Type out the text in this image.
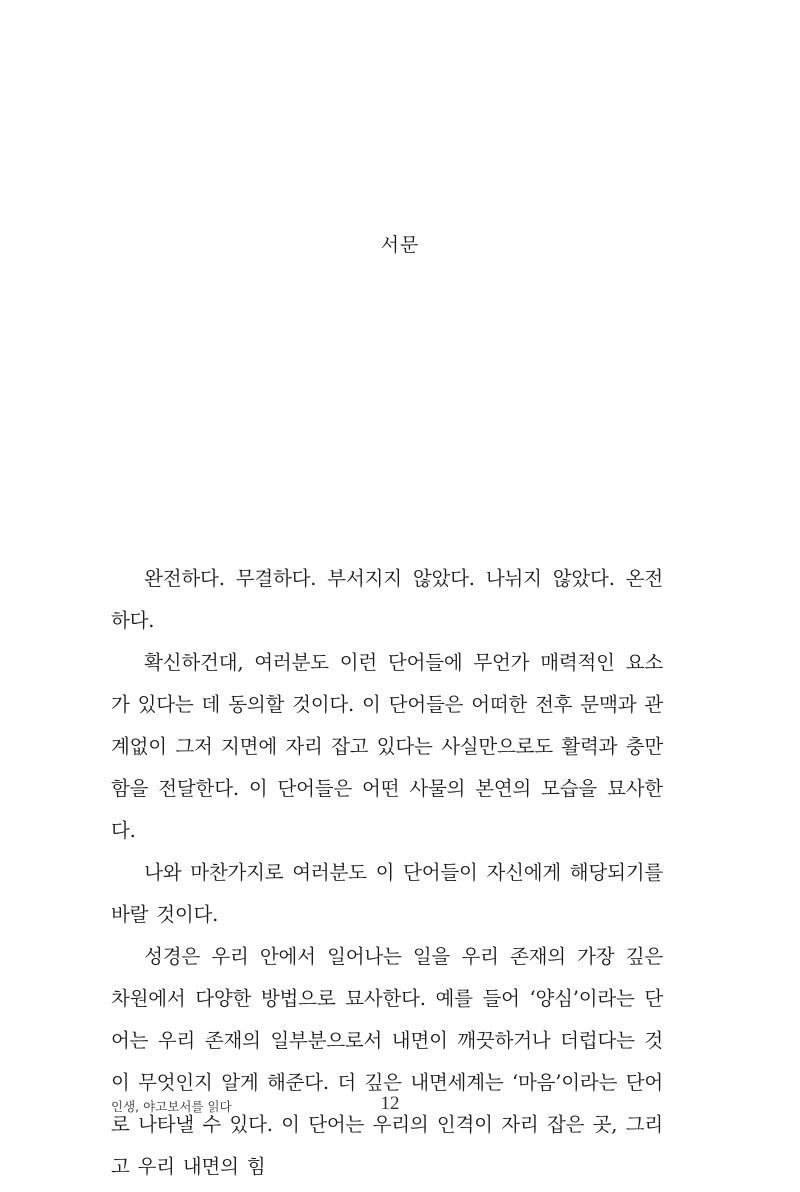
서문

완전하다. 무결하다. 부서지지 않았다. 나뉘지 않았다. 온전하다.

확신하건대, 여러분도 이런 단어들에 무언가 매력적인 요소가 있다는 데 동의할 것이다. 이 단어들은 어떠한 전후 문맥과 관계없이 그저 지면에 자리 잡고 있다는 사실만으로도 활력과 충만함을 전달한다. 이 단어들은 어떤 사물의 본연의 모습을 묘사한다.

나와 마찬가지로 여러분도 이 단어들이 자신에게 해당되기를 바랄 것이다.

성경은 우리 안에서 일어나는 일을 우리 존재의 가장 깊은 차원에서 다양한 방법으로 묘사한다. 예를 들어 ‘양심’이라는 단어는 우리 존재의 일부분으로서 내면이 깨끗하거나 더럽다는 것이 무엇인지 알게 해준다. 더 깊은 내면세계는 ‘마음’이라는 단어로 나타낼 수 있다. 이 단어는 우리의 인격이 자리 잡은 곳, 그리고 우리 내면의 힘

인생, 야고보서를 읽다	12
